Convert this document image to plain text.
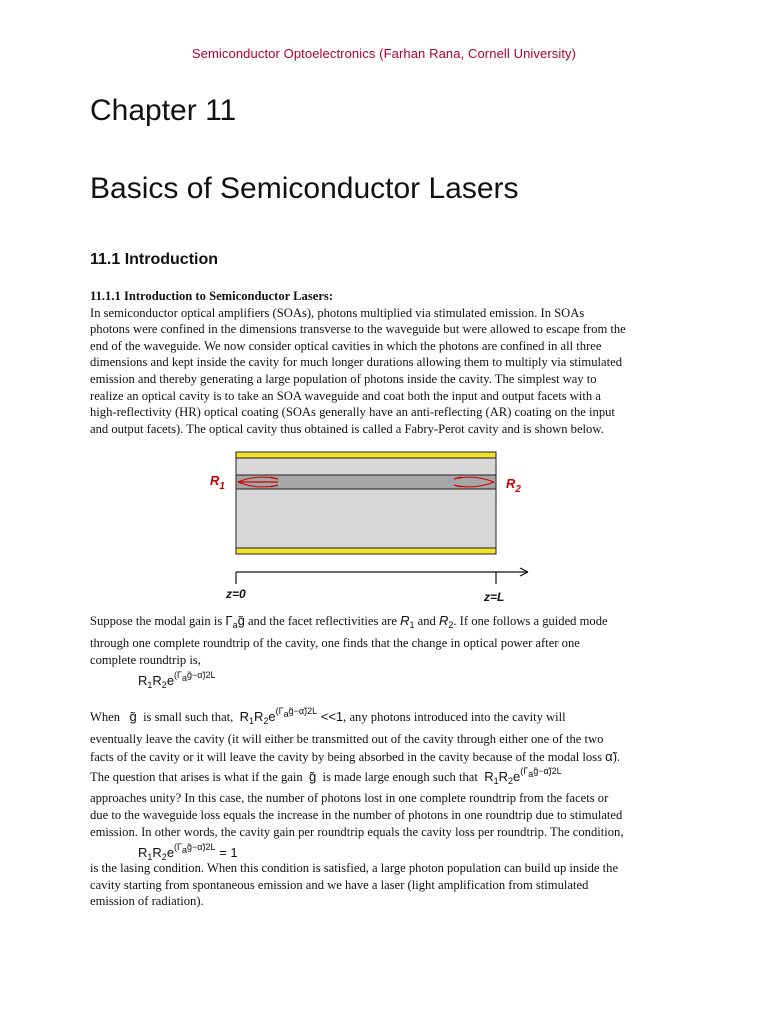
Semiconductor Optoelectronics (Farhan Rana, Cornell University)
Chapter 11
Basics of Semiconductor Lasers
11.1 Introduction
11.1.1 Introduction to Semiconductor Lasers:
In semiconductor optical amplifiers (SOAs), photons multiplied via stimulated emission. In SOAs
photons were confined in the dimensions transverse to the waveguide but were allowed to escape from the
end of the waveguide. We now consider optical cavities in which the photons are confined in all three
dimensions and kept inside the cavity for much longer durations allowing them to multiply via stimulated
emission and thereby generating a large population of photons inside the cavity. The simplest way to
realize an optical cavity is to take an SOA waveguide and coat both the input and output facets with a
high-reflectivity (HR) optical coating (SOAs generally have an anti-reflecting (AR) coating on the input
and output facets). The optical cavity thus obtained is called a Fabry-Perot cavity and is shown below.
$R_1$	$R_2$
z=0	z=L
Suppose the modal gain is $\Gamma_ag̃$ and the facet reflectivities are $R_1$ and $R_2$. If one follows a guided mode
through one complete roundtrip of the cavity, one finds that the change in optical power after one
complete roundtrip is,
$R_1R_2e^{(\Gamma_ag̃-\alphã)2L}$
When g̃ is small such that, $R_1R_2e^{(\Gamma_ag̃-\alphã)2L} <<1$, any photons introduced into the cavity will
eventually leave the cavity (it will either be transmitted out of the cavity through either one of the two
facts of the cavity or it will leave the cavity by being absorbed in the cavity because of the modal loss α̃).
The question that arises is what if the gain g̃ is made large enough such that $R_1R_2e^{(\Gamma_ag̃-\alphã)2L}$
approaches unity? In this case, the number of photons lost in one complete roundtrip from the facets or
due to the waveguide loss equals the increase in the number of photons in one roundtrip due to stimulated
emission. In other words, the cavity gain per roundtrip equals the cavity loss per roundtrip. The condition,
$R_1R_2e^{(\Gamma_ag̃-\alphã)2L} = 1$
is the lasing condition. When this condition is satisfied, a large photon population can build up inside the
cavity starting from spontaneous emission and we have a laser (light amplification from stimulated
emission of radiation).
